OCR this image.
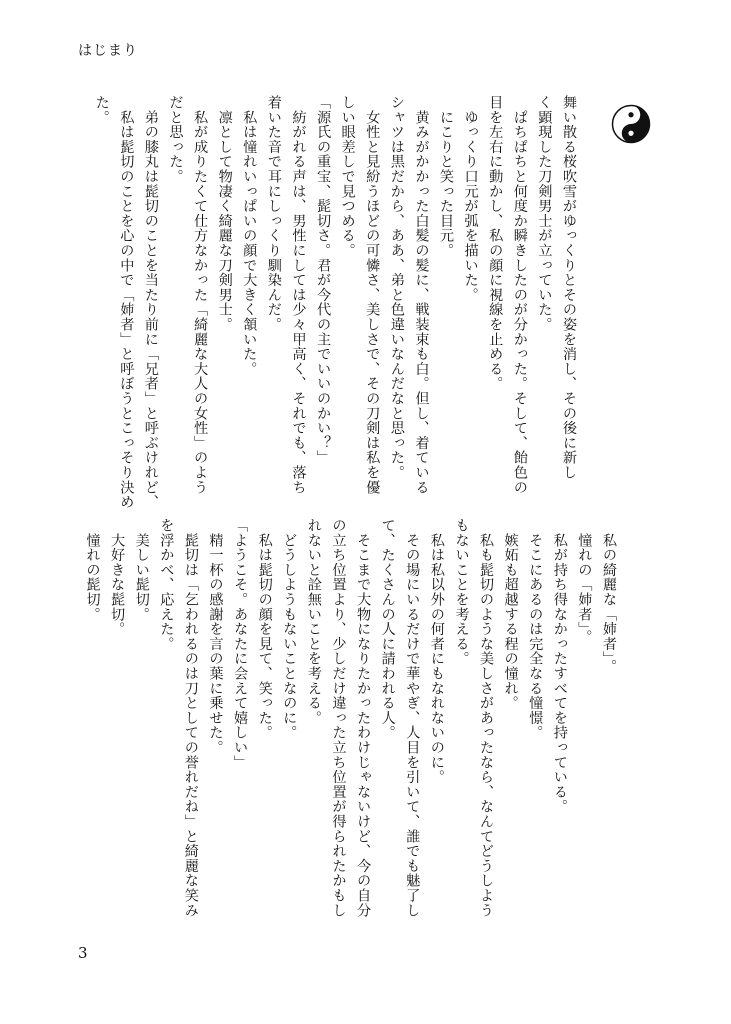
はじまり
舞い散る桜吹雪がゆっくりとその姿を消し、その後に新し
く顕現した刀剣男士が立っていた。
　ぱちぱちと何度か瞬きしたのが分かった。そして、飴色の
目を左右に動かし、私の顔に視線を止める。
　ゆっくり口元が弧を描いた。
　にこりと笑った目元。
　黄みがかかった白髪の髪に、戦装束も白。但し、着ている
シャツは黒だから、ああ、弟と色違いなんだなと思った。
　女性と見紛うほどの可憐さ、美しさで、その刀剣は私を優
しい眼差しで見つめる。
「源氏の重宝、髭切さ。君が今代の主でいいのかい？」
　紡がれる声は、男性にしては少々甲高く、それでも、落ち
着いた音で耳にしっくり馴染んだ。
　私は憧れいっぱいの顔で大きく頷いた。
　凛として物凄く綺麗な刀剣男士。
　私が成りたくて仕方なかった「綺麗な大人の女性」のよう
だと思った。
　弟の膝丸は髭切のことを当たり前に「兄者」と呼ぶけれど、
　私は髭切のことを心の中で「姉者」と呼ぼうとこっそり決め
た。
　私の綺麗な「姉者」。
　憧れの「姉者」。
　私が持ち得なかったすべてを持っている。
　そこにあるのは完全なる憧憬。
　嫉妬も超越する程の憧れ。
　私も髭切のような美しさがあったなら、なんてどうしよう
もないことを考える。
　私は私以外の何者にもなれないのに。
　その場にいるだけで華やぎ、人目を引いて、誰でも魅了し
て、たくさんの人に請われる人。
　そこまで大物になりたかったわけじゃないけど、今の自分
の立ち位置より、少しだけ違った立ち位置が得られたかもし
れないと詮無いことを考える。
　どうしようもないことなのに。
　私は髭切の顔を見て、笑った。
「ようこそ。あなたに会えて嬉しい」
　精一杯の感謝を言の葉に乗せた。
　髭切は「乞われるのは刀としての誉れだね」と綺麗な笑み
を浮かべ、応えた。
　美しい髭切。
　大好きな髭切。
　憧れの髭切。
3
